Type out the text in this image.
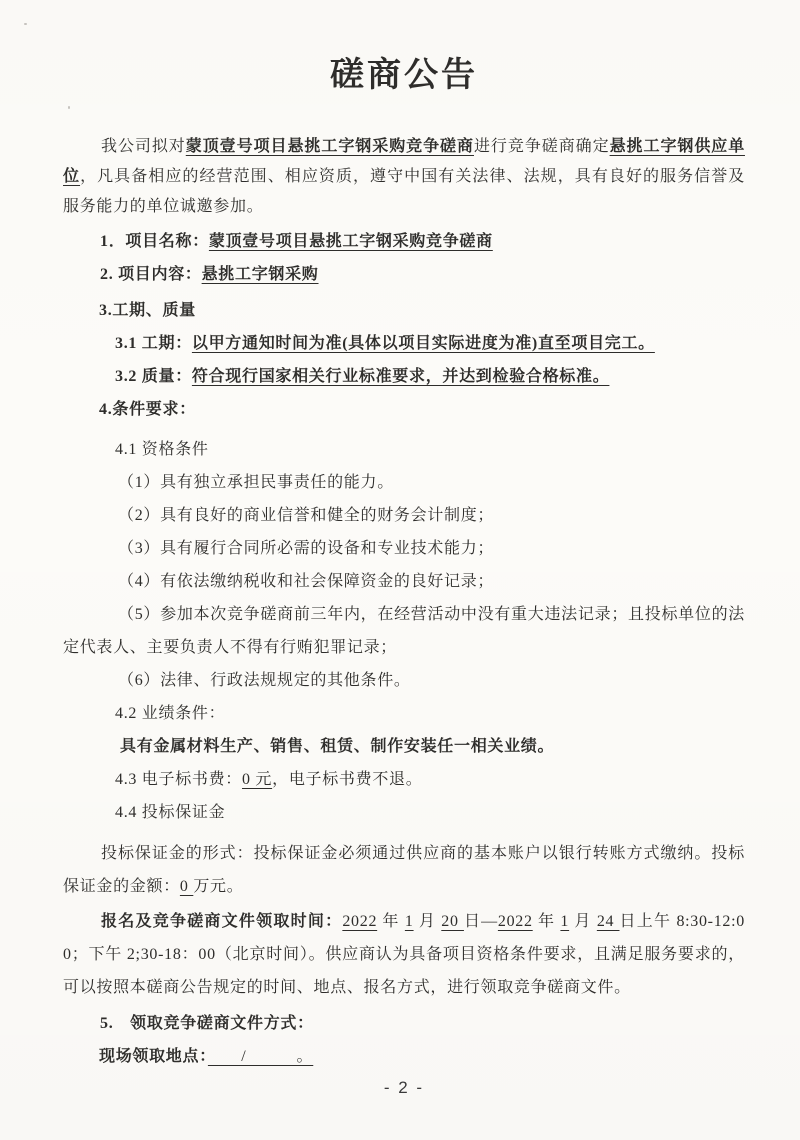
磋商公告
我公司拟对蒙顶壹号项目悬挑工字钢采购竞争磋商进行竞争磋商确定悬挑工字钢供应单位，凡具备相应的经营范围、相应资质，遵守中国有关法律、法规，具有良好的服务信誉及服务能力的单位诚邀参加。
1．项目名称：蒙顶壹号项目悬挑工字钢采购竞争磋商
2. 项目内容：悬挑工字钢采购
3.工期、质量
3.1 工期：以甲方通知时间为准(具体以项目实际进度为准)直至项目完工。
3.2 质量：符合现行国家相关行业标准要求，并达到检验合格标准。
4.条件要求：
4.1 资格条件
（1）具有独立承担民事责任的能力。
（2）具有良好的商业信誉和健全的财务会计制度；
（3）具有履行合同所必需的设备和专业技术能力；
（4）有依法缴纳税收和社会保障资金的良好记录；
（5）参加本次竞争磋商前三年内，在经营活动中没有重大违法记录；且投标单位的法定代表人、主要负责人不得有行贿犯罪记录；
（6）法律、行政法规规定的其他条件。
4.2 业绩条件：
具有金属材料生产、销售、租赁、制作安装任一相关业绩。
4.3 电子标书费：0 元，电子标书费不退。
4.4 投标保证金
投标保证金的形式：投标保证金必须通过供应商的基本账户以银行转账方式缴纳。投标保证金的金额：0 万元。
报名及竞争磋商文件领取时间：2022 年 1 月 20 日—2022 年 1 月 24 日上午 8:30-12:00；下午 2;30-18：00（北京时间）。供应商认为具备项目资格条件要求，且满足服务要求的，可以按照本磋商公告规定的时间、地点、报名方式，进行领取竞争磋商文件。
5.　领取竞争磋商文件方式：
现场领取地点：　　/　　　。
- 2 -
